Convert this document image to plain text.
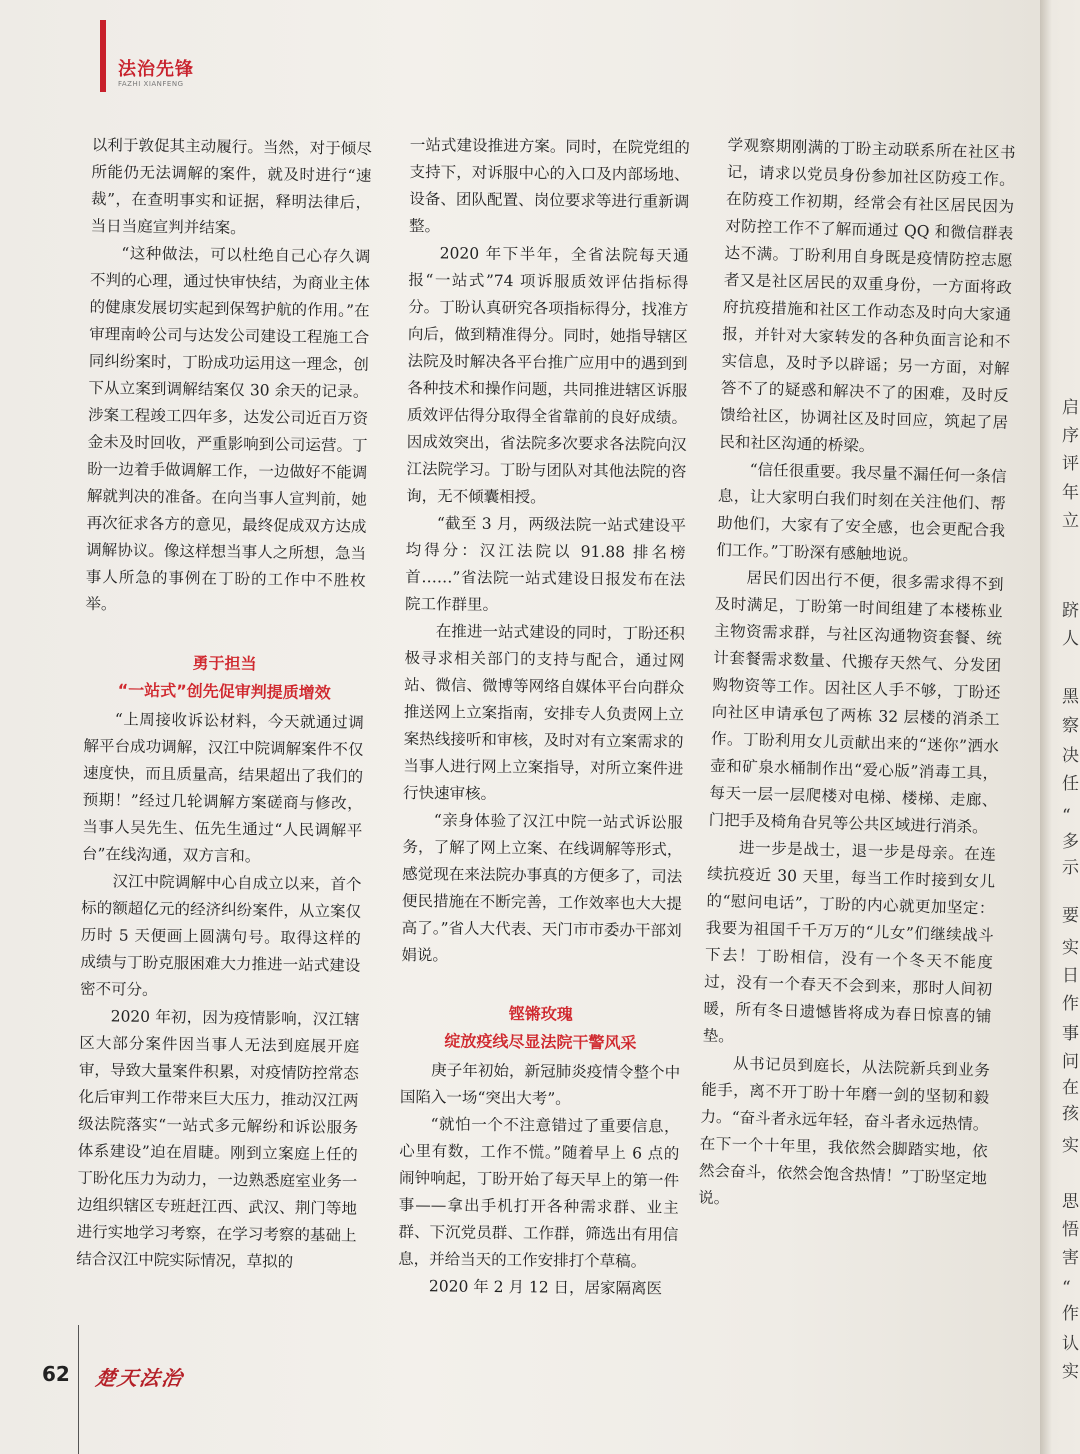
法治先锋
FAZHI XIANFENG

以利于敦促其主动履行。当然，对于倾尽所能仍无法调解的案件，就及时进行“速裁”，在查明事实和证据，释明法律后，当日当庭宣判并结案。

“这种做法，可以杜绝自己心存久调不判的心理，通过快审快结，为商业主体的健康发展切实起到保驾护航的作用。”在审理南岭公司与达发公司建设工程施工合同纠纷案时，丁盼成功运用这一理念，创下从立案到调解结案仅 30 余天的记录。涉案工程竣工四年多，达发公司近百万资金未及时回收，严重影响到公司运营。丁盼一边着手做调解工作，一边做好不能调解就判决的准备。在向当事人宣判前，她再次征求各方的意见，最终促成双方达成调解协议。像这样想当事人之所想，急当事人所急的事例在丁盼的工作中不胜枚举。

勇于担当
“一站式”创先促审判提质增效

“上周接收诉讼材料，今天就通过调解平台成功调解，汉江中院调解案件不仅速度快，而且质量高，结果超出了我们的预期！”经过几轮调解方案磋商与修改，当事人吴先生、伍先生通过“人民调解平台”在线沟通，双方言和。

汉江中院调解中心自成立以来，首个标的额超亿元的经济纠纷案件，从立案仅历时 5 天便画上圆满句号。取得这样的成绩与丁盼克服困难大力推进一站式建设密不可分。

2020 年初，因为疫情影响，汉江辖区大部分案件因当事人无法到庭展开庭审，导致大量案件积累，对疫情防控常态化后审判工作带来巨大压力，推动汉江两级法院落实“一站式多元解纷和诉讼服务体系建设”迫在眉睫。刚到立案庭上任的丁盼化压力为动力，一边熟悉庭室业务一边组织辖区专班赶江西、武汉、荆门等地进行实地学习考察，在学习考察的基础上结合汉江中院实际情况，草拟的

一站式建设推进方案。同时，在院党组的支持下，对诉服中心的入口及内部场地、设备、团队配置、岗位要求等进行重新调整。

2020 年下半年，全省法院每天通报“一站式”74 项诉服质效评估指标得分。丁盼认真研究各项指标得分，找准方向后，做到精准得分。同时，她指导辖区法院及时解决各平台推广应用中的遇到到各种技术和操作问题，共同推进辖区诉服质效评估得分取得全省靠前的良好成绩。因成效突出，省法院多次要求各法院向汉江法院学习。丁盼与团队对其他法院的咨询，无不倾囊相授。

“截至 3 月，两级法院一站式建设平均得分：汉江法院以 91.88 排名榜首……”省法院一站式建设日报发布在法院工作群里。

在推进一站式建设的同时，丁盼还积极寻求相关部门的支持与配合，通过网站、微信、微博等网络自媒体平台向群众推送网上立案指南，安排专人负责网上立案热线接听和审核，及时对有立案需求的当事人进行网上立案指导，对所立案件进行快速审核。

“亲身体验了汉江中院一站式诉讼服务，了解了网上立案、在线调解等形式，感觉现在来法院办事真的方便多了，司法便民措施在不断完善，工作效率也大大提高了。”省人大代表、天门市市委办干部刘娟说。

铿锵玫瑰
绽放疫线尽显法院干警风采

庚子年初始，新冠肺炎疫情令整个中国陷入一场“突出大考”。

“就怕一个不注意错过了重要信息，心里有数，工作不慌。”随着早上 6 点的闹钟响起，丁盼开始了每天早上的第一件事——拿出手机打开各种需求群、业主群、下沉党员群、工作群，筛选出有用信息，并给当天的工作安排打个草稿。

2020 年 2 月 12 日，居家隔离医

学观察期刚满的丁盼主动联系所在社区书记，请求以党员身份参加社区防疫工作。在防疫工作初期，经常会有社区居民因为对防控工作不了解而通过 QQ 和微信群表达不满。丁盼利用自身既是疫情防控志愿者又是社区居民的双重身份，一方面将政府抗疫措施和社区工作动态及时向大家通报，并针对大家转发的各种负面言论和不实信息，及时予以辟谣；另一方面，对解答不了的疑惑和解决不了的困难，及时反馈给社区，协调社区及时回应，筑起了居民和社区沟通的桥梁。

“信任很重要。我尽量不漏任何一条信息，让大家明白我们时刻在关注他们、帮助他们，大家有了安全感，也会更配合我们工作。”丁盼深有感触地说。

居民们因出行不便，很多需求得不到及时满足，丁盼第一时间组建了本楼栋业主物资需求群，与社区沟通物资套餐、统计套餐需求数量、代搬存天然气、分发团购物资等工作。因社区人手不够，丁盼还向社区申请承包了两栋 32 层楼的消杀工作。丁盼利用女儿贡献出来的“迷你”洒水壶和矿泉水桶制作出“爱心版”消毒工具，每天一层一层爬楼对电梯、楼梯、走廊、门把手及椅角旮旯等公共区域进行消杀。

进一步是战士，退一步是母亲。在连续抗疫近 30 天里，每当工作时接到女儿的“慰问电话”，丁盼的内心就更加坚定：我要为祖国千千万万的“儿女”们继续战斗下去！丁盼相信，没有一个冬天不能度过，没有一个春天不会到来，那时人间初暖，所有冬日遗憾皆将成为春日惊喜的铺垫。

从书记员到庭长，从法院新兵到业务能手，离不开丁盼十年磨一剑的坚韧和毅力。“奋斗者永远年轻，奋斗者永远热情。在下一个十年里，我依然会脚踏实地，依然会奋斗，依然会饱含热情！”丁盼坚定地说。

62 楚天法治
启
序
评
年
立
跻
人
黑
察
决
任
“
多
示
要
实
日
作
事
问
在
孩
实
思
悟
害
“
作
认
实
